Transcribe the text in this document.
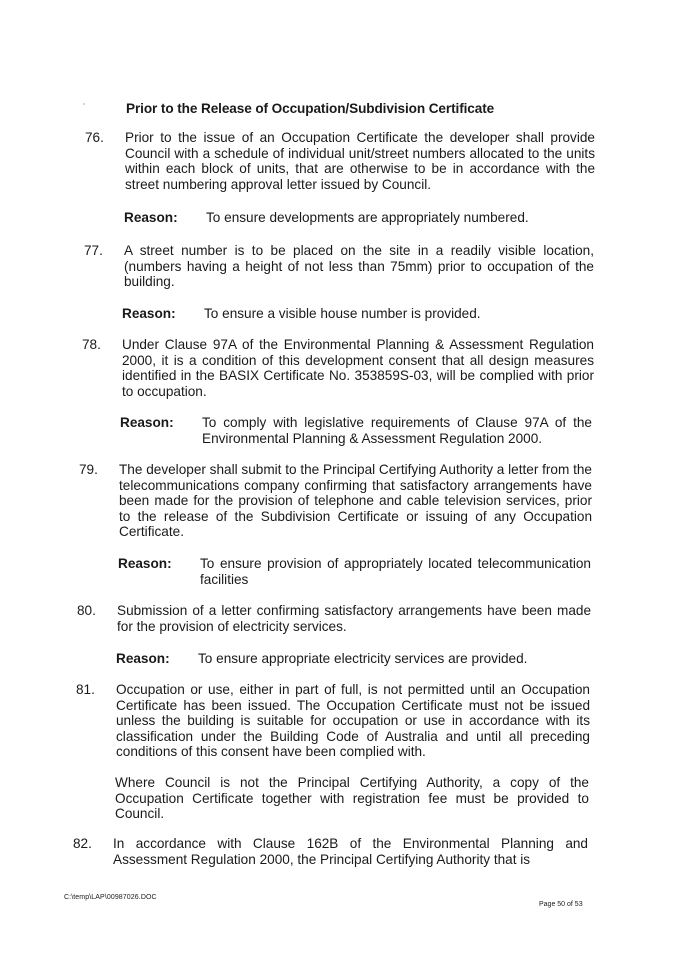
Prior to the Release of Occupation/Subdivision Certificate
76. Prior to the issue of an Occupation Certificate the developer shall provide Council with a schedule of individual unit/street numbers allocated to the units within each block of units, that are otherwise to be in accordance with the street numbering approval letter issued by Council.
Reason: To ensure developments are appropriately numbered.
77. A street number is to be placed on the site in a readily visible location, (numbers having a height of not less than 75mm) prior to occupation of the building.
Reason: To ensure a visible house number is provided.
78. Under Clause 97A of the Environmental Planning & Assessment Regulation 2000, it is a condition of this development consent that all design measures identified in the BASIX Certificate No. 353859S-03, will be complied with prior to occupation.
Reason: To comply with legislative requirements of Clause 97A of the Environmental Planning & Assessment Regulation 2000.
79. The developer shall submit to the Principal Certifying Authority a letter from the telecommunications company confirming that satisfactory arrangements have been made for the provision of telephone and cable television services, prior to the release of the Subdivision Certificate or issuing of any Occupation Certificate.
Reason: To ensure provision of appropriately located telecommunication facilities
80. Submission of a letter confirming satisfactory arrangements have been made for the provision of electricity services.
Reason: To ensure appropriate electricity services are provided.
81. Occupation or use, either in part of full, is not permitted until an Occupation Certificate has been issued. The Occupation Certificate must not be issued unless the building is suitable for occupation or use in accordance with its classification under the Building Code of Australia and until all preceding conditions of this consent have been complied with.
Where Council is not the Principal Certifying Authority, a copy of the Occupation Certificate together with registration fee must be provided to Council.
82. In accordance with Clause 162B of the Environmental Planning and Assessment Regulation 2000, the Principal Certifying Authority that is
C:\temp\LAP\00987026.DOC
Page 50 of 53
